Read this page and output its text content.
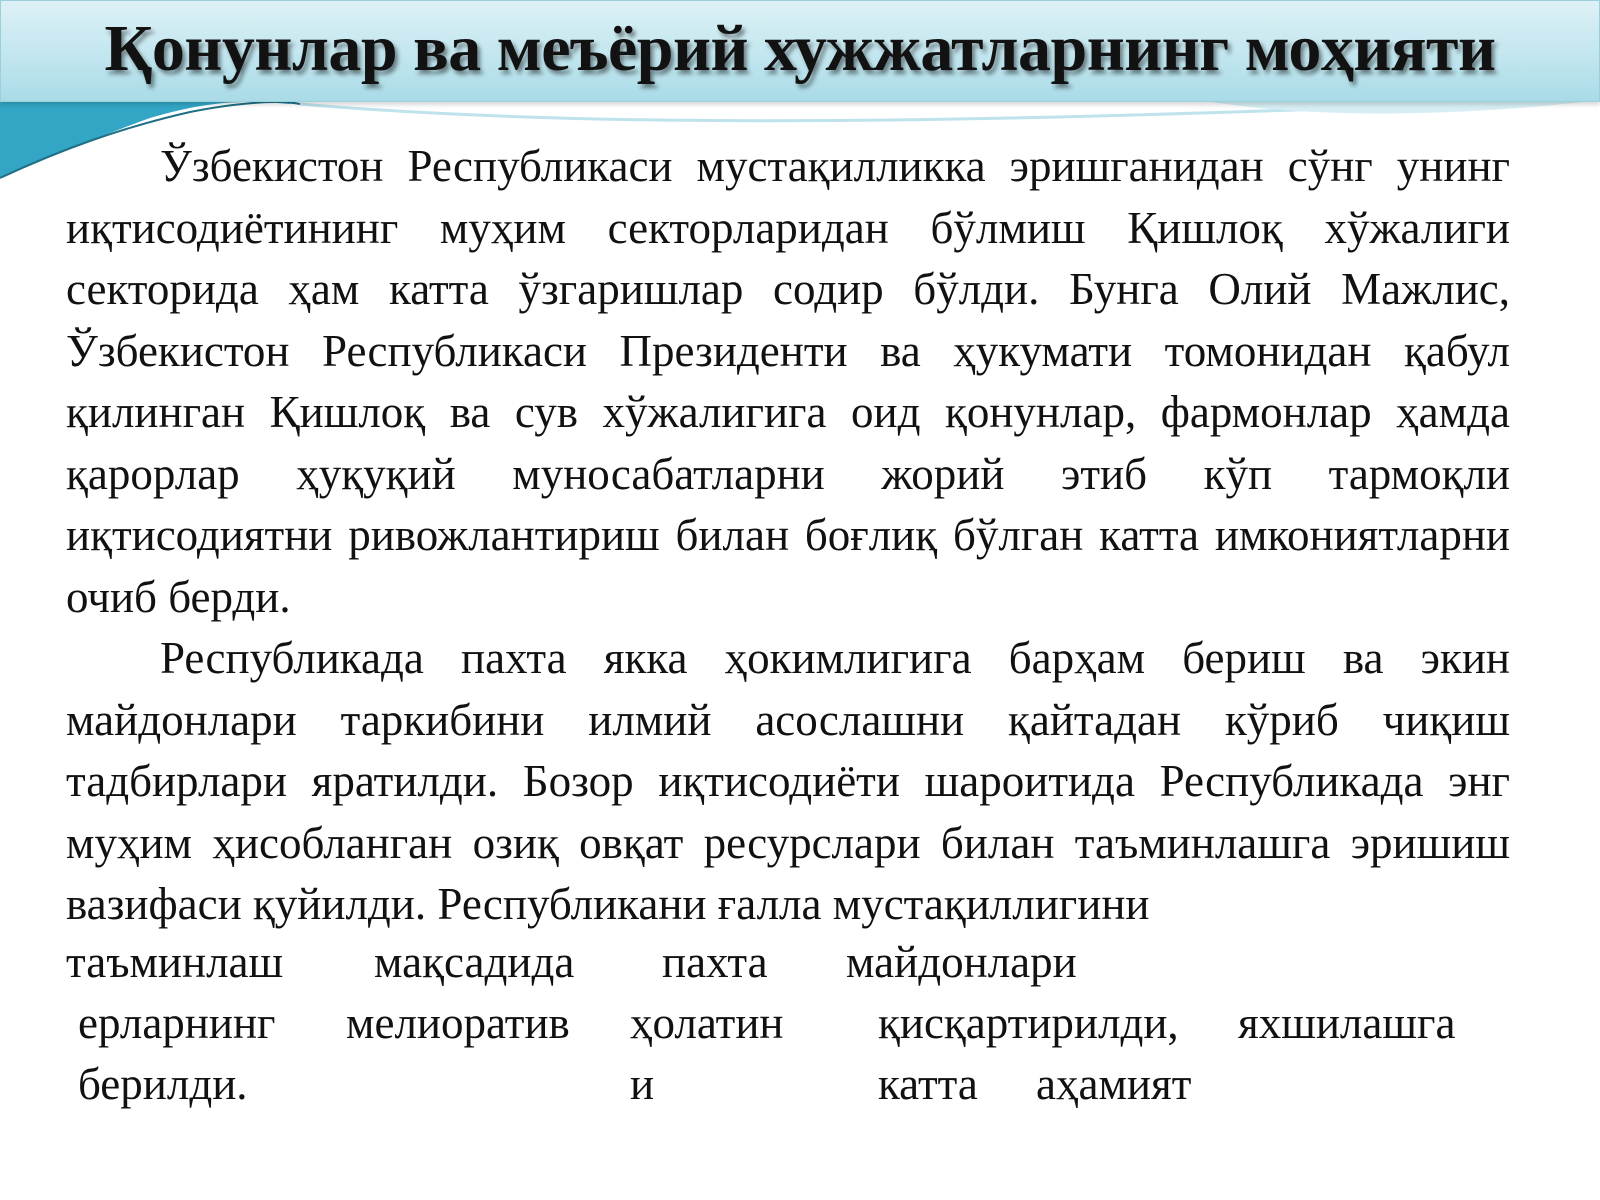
Қонунлар ва меъёрий хужжатларнинг моҳияти

Ўзбекистон Республикаси мустақилликка эришганидан сўнг унинг иқтисодиётининг муҳим секторларидан бўлмиш Қишлоқ хўжалиги секторида ҳам катта ўзгаришлар содир бўлди. Бунга Олий Мажлис, Ўзбекистон Республикаси Президенти ва ҳукумати томонидан қабул қилинган Қишлоқ ва сув хўжалигига оид қонунлар, фармонлар ҳамда қарорлар ҳуқуқий муносабатларни жорий этиб кўп тармоқли иқтисодиятни ривожлантириш билан боғлиқ бўлган катта имкониятларни очиб берди.

Республикада пахта якка ҳокимлигига барҳам бериш ва экин майдонлари таркибини илмий асослашни қайтадан кўриб чиқиш тадбирлари яратилди. Бозор иқтисодиёти шароитида Республикада энг муҳим ҳисобланган озиқ овқат ресурслари билан таъминлашга эришиш вазифаси қуйилди. Республикани ғалла мустақиллигини

таъминлаш мақсадида пахта майдонлари
ерларнинг
берилди.
мелиоратив ҳолатин
и
қисқартирилди,
катта
яхшилашга
аҳамият
